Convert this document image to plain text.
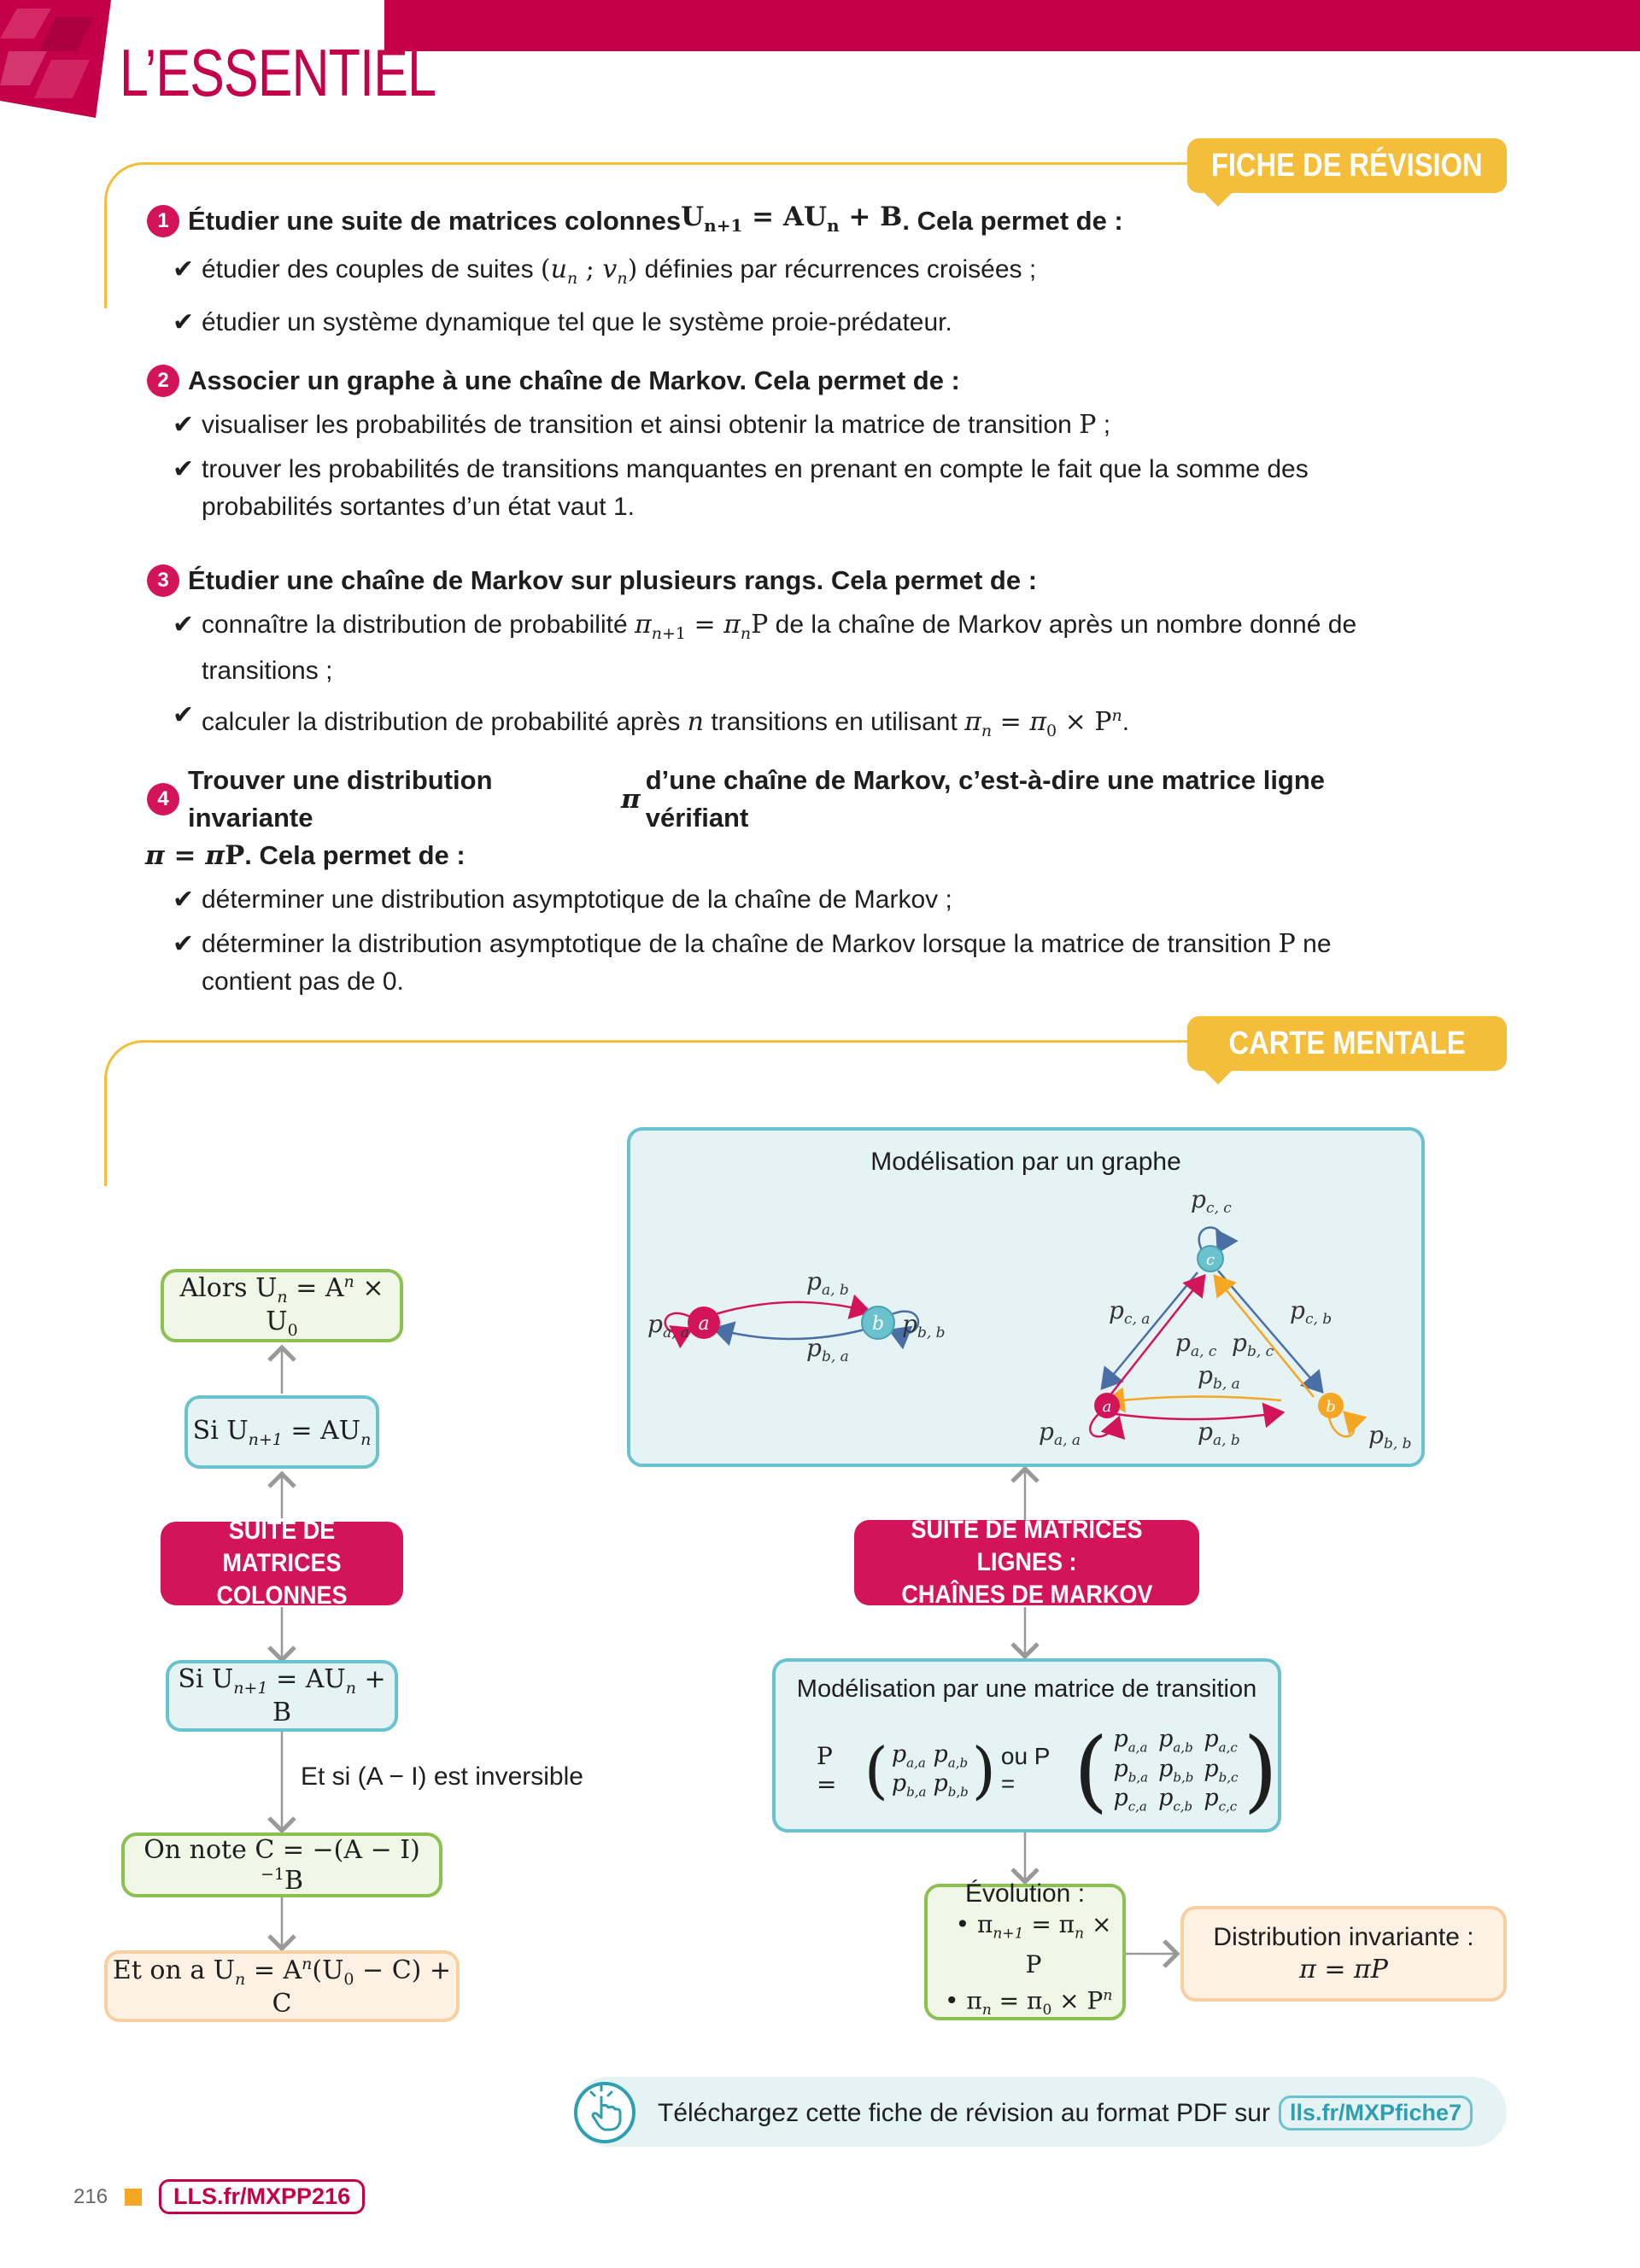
L’ESSENTIEL
FICHE DE RÉVISION
1 Étudier une suite de matrices colonnes $U_{n+1} = AU_n + B$ . Cela permet de :
✔ étudier des couples de suites ($u_n$ ; $v_n$) définies par récurrences croisées ;
✔ étudier un système dynamique tel que le système proie-prédateur.
2 Associer un graphe à une chaîne de Markov. Cela permet de :
✔ visualiser les probabilités de transition et ainsi obtenir la matrice de transition P ;
✔ trouver les probabilités de transitions manquantes en prenant en compte le fait que la somme des probabilités sortantes d’un état vaut 1.
3 Étudier une chaîne de Markov sur plusieurs rangs. Cela permet de :
✔ connaître la distribution de probabilité $\pi_{n+1} = \pi_nP$ de la chaîne de Markov après un nombre donné de transitions ;
✔ calculer la distribution de probabilité après n transitions en utilisant $\pi_n = \pi_0 \times P^n$.
4
Trouver une distribution invariante
π
d’une chaîne de Markov, c’est-à-dire une matrice ligne vérifiant
π = πP . Cela permet de :
✔ déterminer une distribution asymptotique de la chaîne de Markov ;
✔ déterminer la distribution asymptotique de la chaîne de Markov lorsque la matrice de transition P ne contient pas de 0.
CARTE MENTALE
Alors $U_n = A^n \times U_0$
Si $U_{n+1} = AU_n$
SUITE DE MATRICES
COLONNES
Si $U_{n+1} = AU_n + B$
Et si (A − I) est inversible
On note $C = -(A - I)^{-1}B$
Et on a $U_n = A^n(U_0 - C) + C$
Modélisation par un graphe
a	b
$p_{a, a}$
$p_{a, b}$
$p_{b, a}$
$p_{b, b}$
a	b
c
$p_{c, c}$
$p_{c, a}$	$p_{c, b}$
$p_{a, c}$ $p_{b, c}$
$p_{b, a}$
$p_{a, a}$	$p_{a, b}$	$p_{b, b}$
SUITE DE MATRICES LIGNES :
CHAÎNES DE MARKOV
Modélisation par une matrice de transition
P = ( $p_{a,a}$	$p_{a,b}$
$p_{b,a}$	$p_{b,b}$ ) ou P = ( $p_{a,a}$	$p_{a,b}$	$p_{a,c}$
$p_{b,a}$	$p_{b,b}$	$p_{b,c}$
$p_{c,a}$	$p_{c,b}$	$p_{c,c}$ )
Évolution :
• $\pi_{n+1} = \pi_n \times P$
• $\pi_n = \pi_0 \times P^n$
Distribution invariante :
π = πP
Téléchargez cette fiche de révision au format PDF sur lls.fr/MXPfiche7
216	LLS.fr/MXPP216
